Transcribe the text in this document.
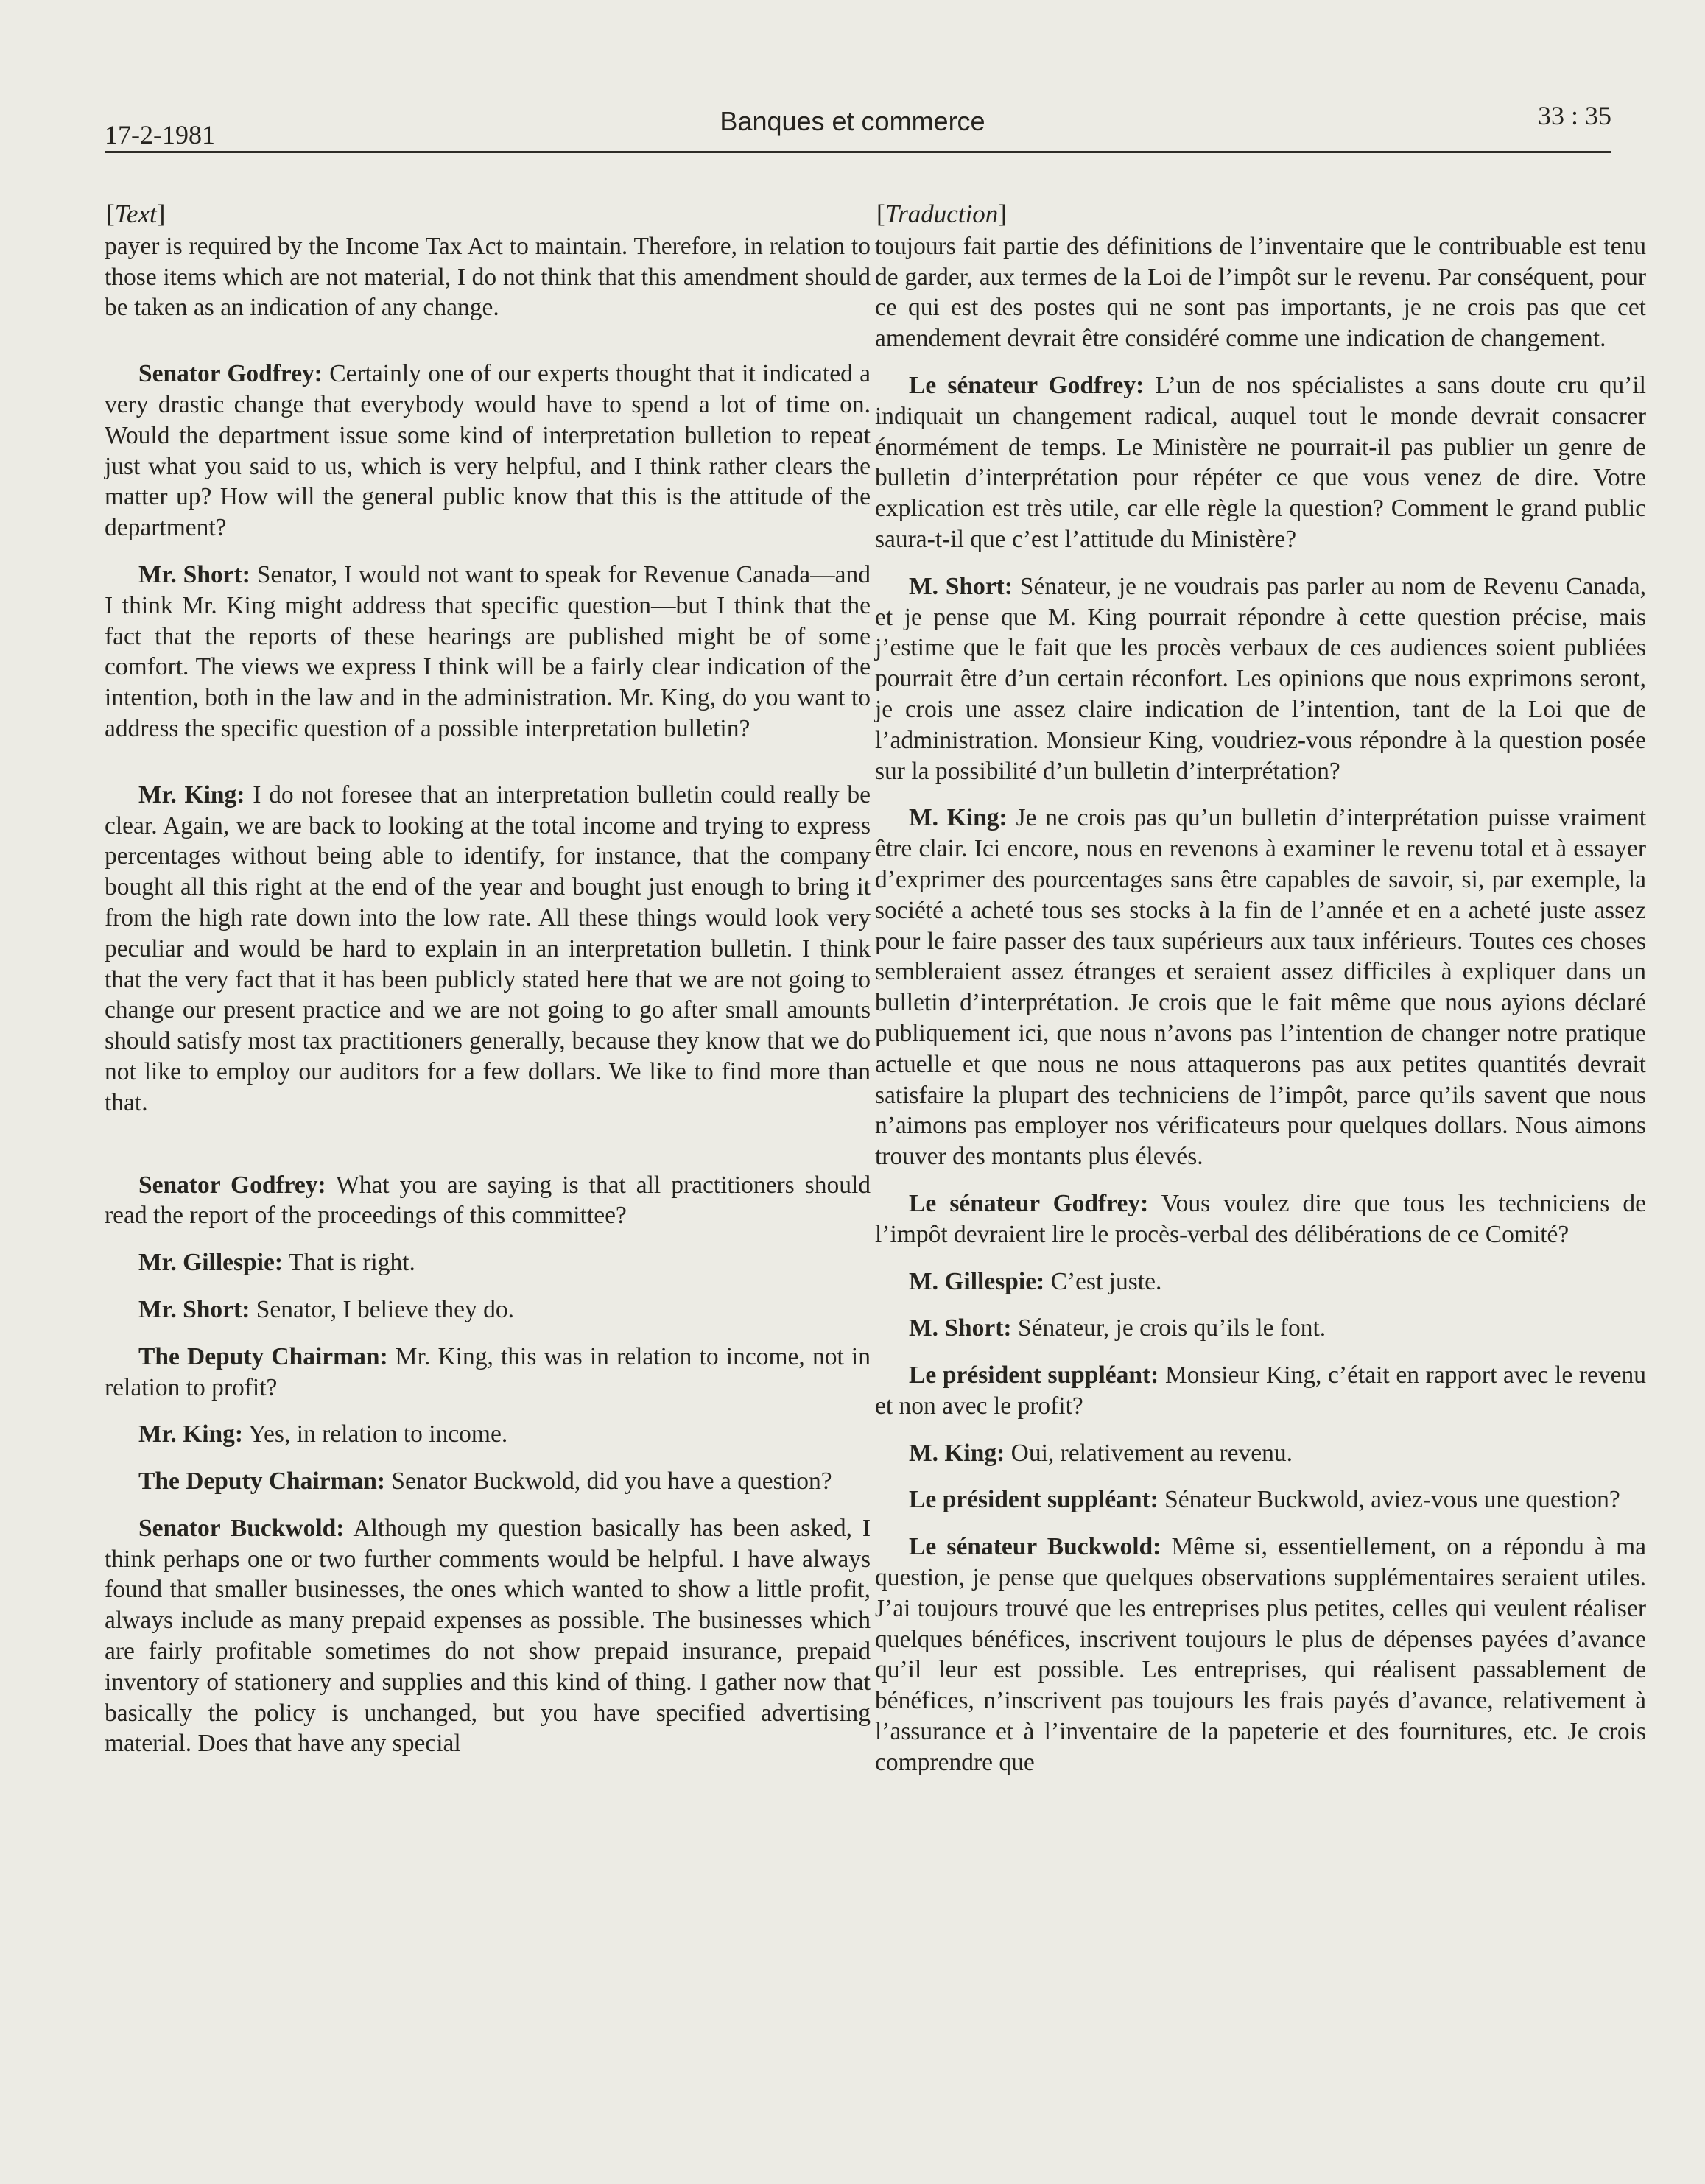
17-2-1981	Banques et commerce	33 : 35
[Text]

payer is required by the Income Tax Act to maintain. Therefore, in relation to those items which are not material, I do not think that this amendment should be taken as an indication of any change.

Senator Godfrey: Certainly one of our experts thought that it indicated a very drastic change that everybody would have to spend a lot of time on. Would the department issue some kind of interpretation bulletion to repeat just what you said to us, which is very helpful, and I think rather clears the matter up? How will the general public know that this is the attitude of the department?

Mr. Short: Senator, I would not want to speak for Revenue Canada—and I think Mr. King might address that specific question—but I think that the fact that the reports of these hearings are published might be of some comfort. The views we express I think will be a fairly clear indication of the intention, both in the law and in the administration. Mr. King, do you want to address the specific question of a possible interpretation bulletin?

Mr. King: I do not foresee that an interpretation bulletin could really be clear. Again, we are back to looking at the total income and trying to express percentages without being able to identify, for instance, that the company bought all this right at the end of the year and bought just enough to bring it from the high rate down into the low rate. All these things would look very peculiar and would be hard to explain in an interpretation bulletin. I think that the very fact that it has been publicly stated here that we are not going to change our present practice and we are not going to go after small amounts should satisfy most tax practitioners generally, because they know that we do not like to employ our auditors for a few dollars. We like to find more than that.

Senator Godfrey: What you are saying is that all practitioners should read the report of the proceedings of this committee?

Mr. Gillespie: That is right.

Mr. Short: Senator, I believe they do.

The Deputy Chairman: Mr. King, this was in relation to income, not in relation to profit?

Mr. King: Yes, in relation to income.

The Deputy Chairman: Senator Buckwold, did you have a question?

Senator Buckwold: Although my question basically has been asked, I think perhaps one or two further comments would be helpful. I have always found that smaller businesses, the ones which wanted to show a little profit, always include as many prepaid expenses as possible. The businesses which are fairly profitable sometimes do not show prepaid insurance, prepaid inventory of stationery and supplies and this kind of thing. I gather now that basically the policy is unchanged, but you have specified advertising material. Does that have any special

[Traduction]

toujours fait partie des définitions de l’inventaire que le contribuable est tenu de garder, aux termes de la Loi de l’impôt sur le revenu. Par conséquent, pour ce qui est des postes qui ne sont pas importants, je ne crois pas que cet amendement devrait être considéré comme une indication de changement.

Le sénateur Godfrey: L’un de nos spécialistes a sans doute cru qu’il indiquait un changement radical, auquel tout le monde devrait consacrer énormément de temps. Le Ministère ne pourrait-il pas publier un genre de bulletin d’interprétation pour répéter ce que vous venez de dire. Votre explication est très utile, car elle règle la question? Comment le grand public saura-t-il que c’est l’attitude du Ministère?

M. Short: Sénateur, je ne voudrais pas parler au nom de Revenu Canada, et je pense que M. King pourrait répondre à cette question précise, mais j’estime que le fait que les procès verbaux de ces audiences soient publiées pourrait être d’un certain réconfort. Les opinions que nous exprimons seront, je crois une assez claire indication de l’intention, tant de la Loi que de l’administration. Monsieur King, voudriez-vous répondre à la question posée sur la possibilité d’un bulletin d’interprétation?

M. King: Je ne crois pas qu’un bulletin d’interprétation puisse vraiment être clair. Ici encore, nous en revenons à examiner le revenu total et à essayer d’exprimer des pourcentages sans être capables de savoir, si, par exemple, la société a acheté tous ses stocks à la fin de l’année et en a acheté juste assez pour le faire passer des taux supérieurs aux taux inférieurs. Toutes ces choses sembleraient assez étranges et seraient assez difficiles à expliquer dans un bulletin d’interprétation. Je crois que le fait même que nous ayions déclaré publiquement ici, que nous n’avons pas l’intention de changer notre pratique actuelle et que nous ne nous attaquerons pas aux petites quantités devrait satisfaire la plupart des techniciens de l’impôt, parce qu’ils savent que nous n’aimons pas employer nos vérificateurs pour quelques dollars. Nous aimons trouver des montants plus élevés.

Le sénateur Godfrey: Vous voulez dire que tous les techniciens de l’impôt devraient lire le procès-verbal des délibérations de ce Comité?

M. Gillespie: C’est juste.

M. Short: Sénateur, je crois qu’ils le font.

Le président suppléant: Monsieur King, c’était en rapport avec le revenu et non avec le profit?

M. King: Oui, relativement au revenu.

Le président suppléant: Sénateur Buckwold, aviez-vous une question?

Le sénateur Buckwold: Même si, essentiellement, on a répondu à ma question, je pense que quelques observations supplémentaires seraient utiles. J’ai toujours trouvé que les entreprises plus petites, celles qui veulent réaliser quelques bénéfices, inscrivent toujours le plus de dépenses payées d’avance qu’il leur est possible. Les entreprises, qui réalisent passablement de bénéfices, n’inscrivent pas toujours les frais payés d’avance, relativement à l’assurance et à l’inventaire de la papeterie et des fournitures, etc. Je crois comprendre que
